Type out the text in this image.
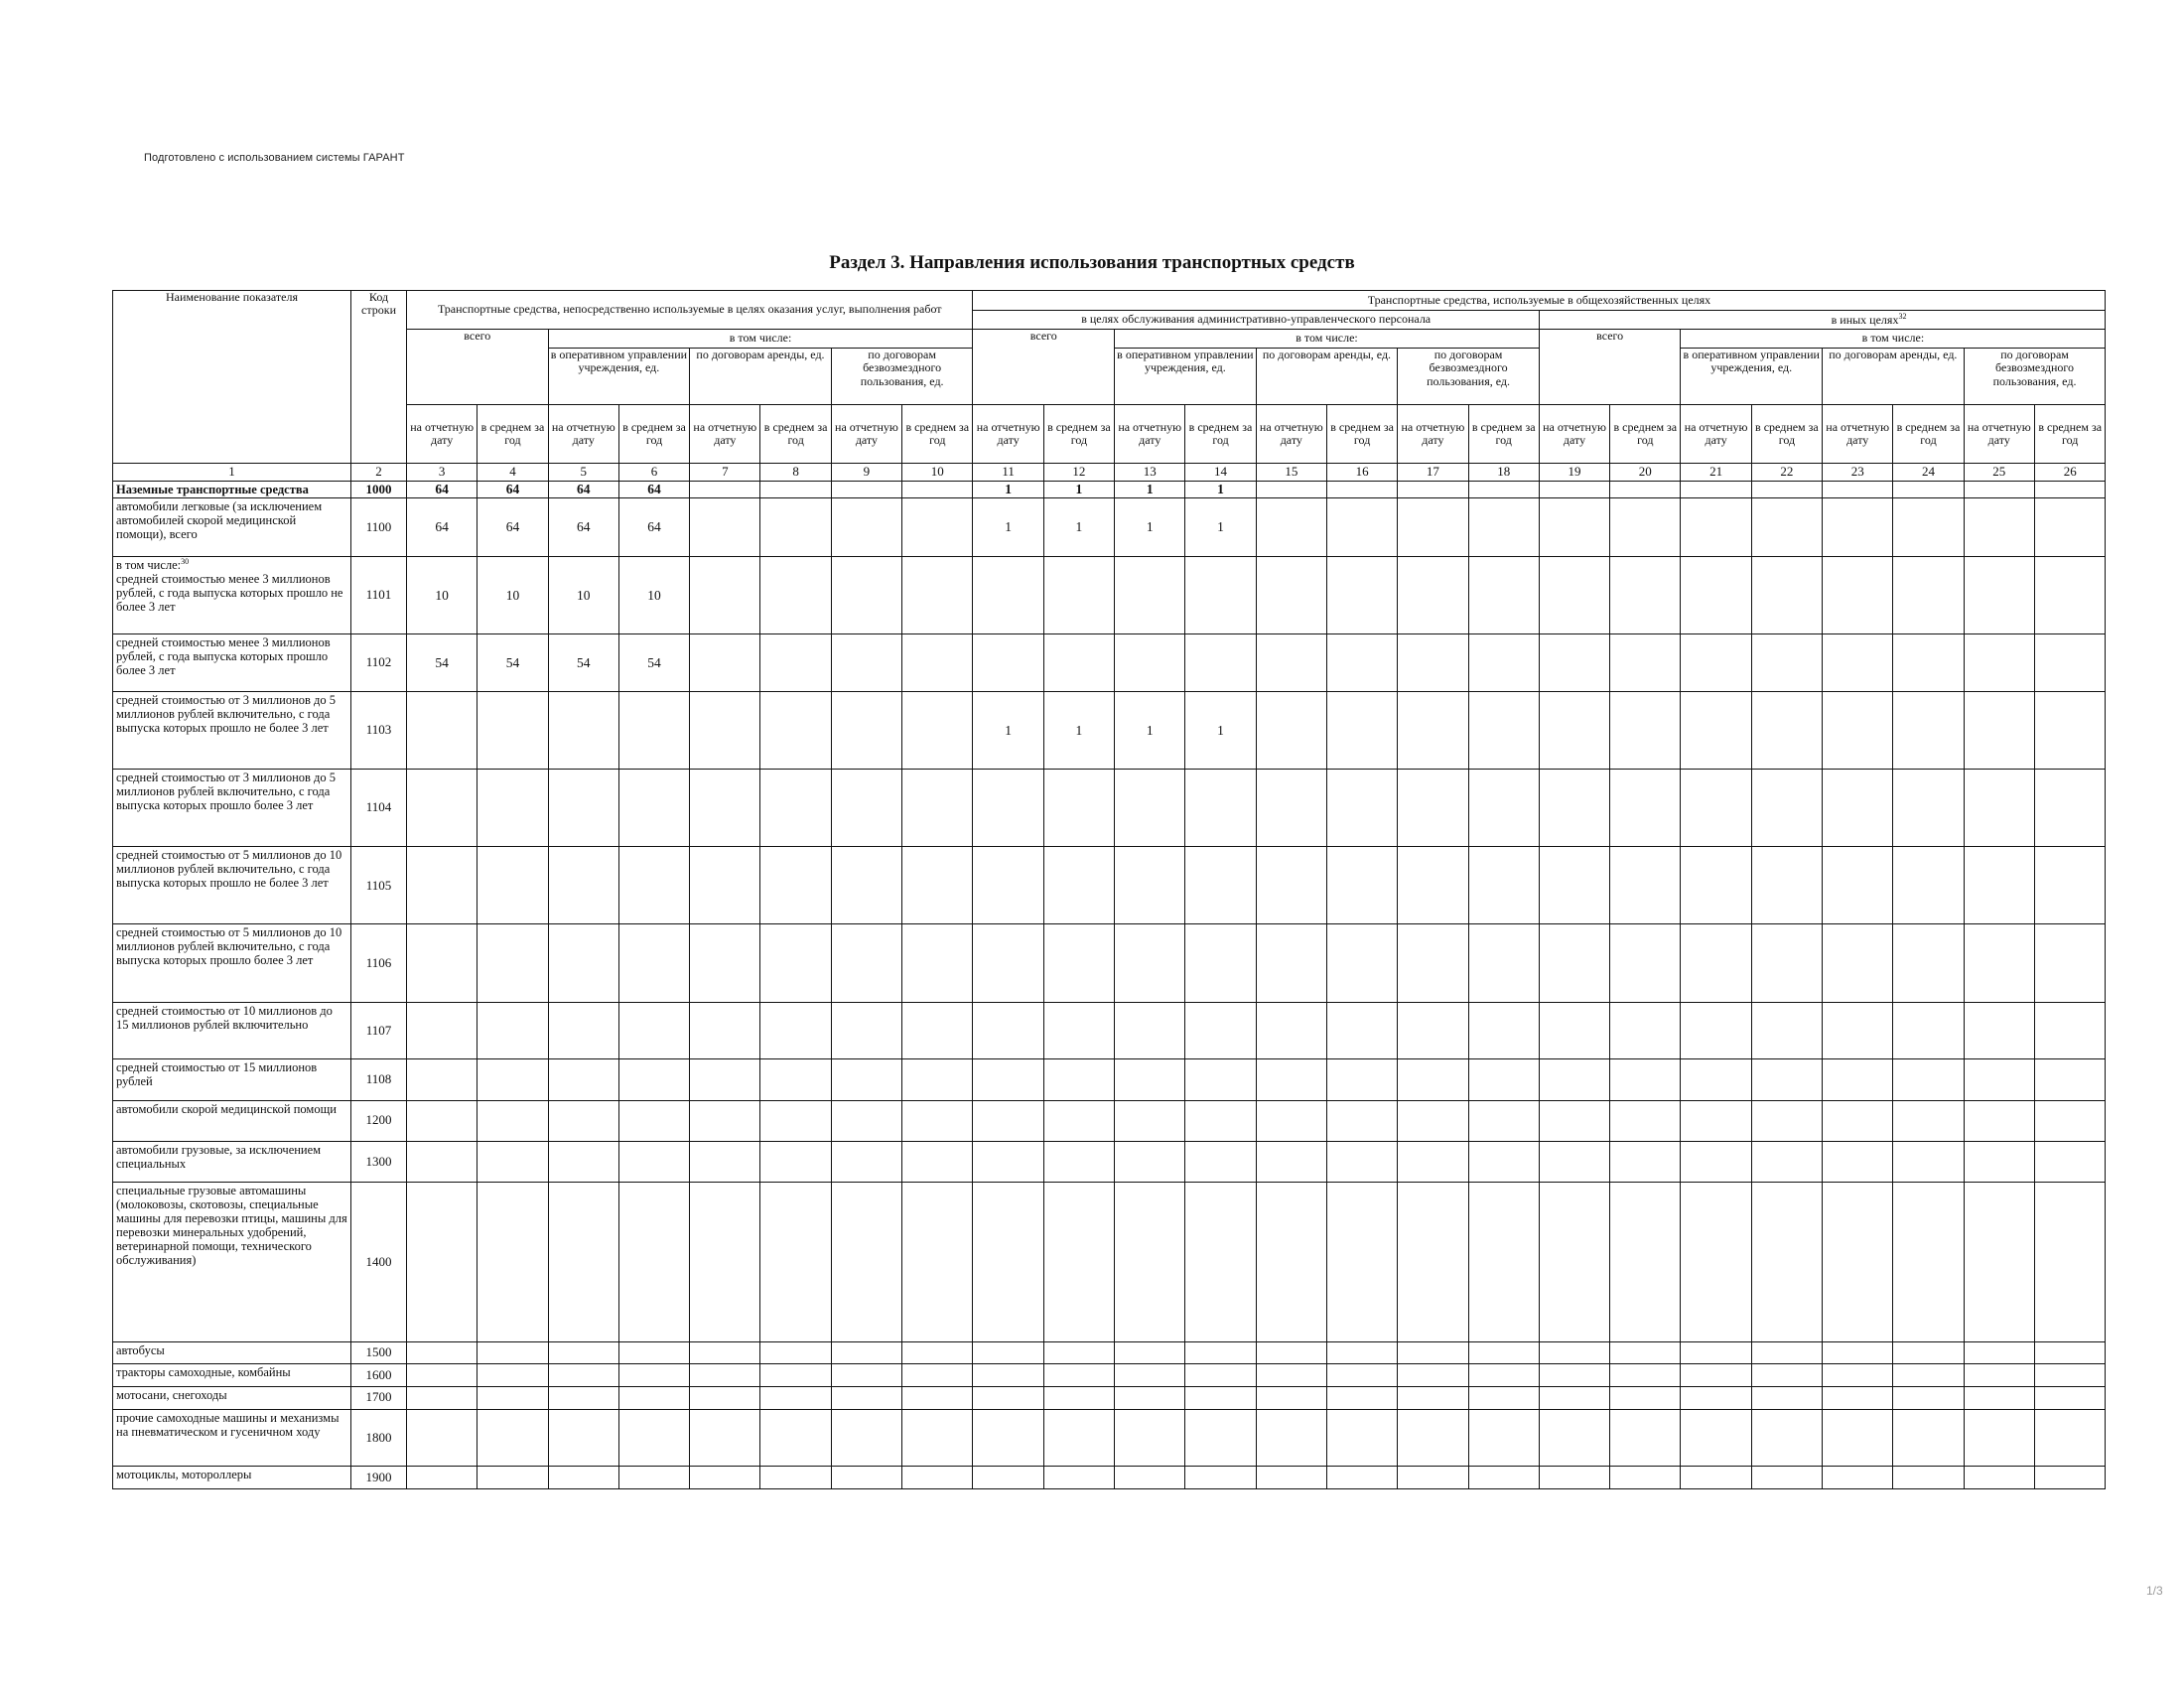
Подготовлено с использованием системы ГАРАНТ
Раздел 3. Направления использования транспортных средств
Наименование показателя	Код строки	Транспортные средства, непосредственно используемые в целях оказания услуг, выполнения работ								Транспортные средства, используемые в общехозяйственных целях															
										в целях обслуживания административно-управленческого персонала								в иных целях$^{32}$
		всего		в том числе:						всего		в том числе:						всего		в том числе:					
				в оперативном управлении учреждения, ед.		по договорам аренды, ед.		по договорам безвозмездного пользования, ед.				в оперативном управлении учреждения, ед.		по договорам аренды, ед.		по договорам безвозмездного пользования, ед.				в оперативном управлении учреждения, ед.		по договорам аренды, ед.		по договорам безвозмездного пользования, ед.	
		на отчетную дату	в среднем за год	на отчетную дату	в среднем за год	на отчетную дату	в среднем за год	на отчетную дату	в среднем за год	на отчетную дату	в среднем за год	на отчетную дату	в среднем за год	на отчетную дату	в среднем за год	на отчетную дату	в среднем за год	на отчетную дату	в среднем за год	на отчетную дату	в среднем за год	на отчетную дату	в среднем за год	на отчетную дату	в среднем за год
1	2	3	4	5	6	7	8	9	10	11	12	13	14	15	16	17	18	19	20	21	22	23	24	25	26
Наземные транспортные средства	1000	64	64	64	64					1	1	1	1												
автомобили легковые (за исключением автомобилей скорой медицинской помощи), всего	1100	64	64	64	64					1	1	1	1												

в том числе:$^{30}$
средней стоимостью менее 3 миллионов рублей, с года выпуска которых прошло не более 3 лет	1101	10	10	10	10																				
средней стоимостью менее 3 миллионов рублей, с года выпуска которых прошло более 3 лет	1102	54	54	54	54																				
средней стоимостью от 3 миллионов до 5 миллионов рублей включительно, с года выпуска которых прошло не более 3 лет	1103									1	1	1	1												
средней стоимостью от 3 миллионов до 5 миллионов рублей включительно, с года выпуска которых прошло более 3 лет	1104																								
средней стоимостью от 5 миллионов до 10 миллионов рублей включительно, с года выпуска которых прошло не более 3 лет	1105																								
средней стоимостью от 5 миллионов до 10 миллионов рублей включительно, с года выпуска которых прошло более 3 лет	1106																								
средней стоимостью от 10 миллионов до 15 миллионов рублей включительно	1107																								
средней стоимостью от 15 миллионов рублей	1108																								
автомобили скорой медицинской помощи	1200																								
автомобили грузовые, за исключением специальных	1300																								
специальные грузовые автомашины (молоковозы, скотовозы, специальные машины для перевозки птицы, машины для перевозки минеральных удобрений, ветеринарной помощи, технического обслуживания)	1400																								
автобусы	1500																								
тракторы самоходные, комбайны	1600																								
мотосани, снегоходы	1700																								
прочие самоходные машины и механизмы на пневматическом и гусеничном ходу	1800																								
мотоциклы, мотороллеры	1900																								
1/3
